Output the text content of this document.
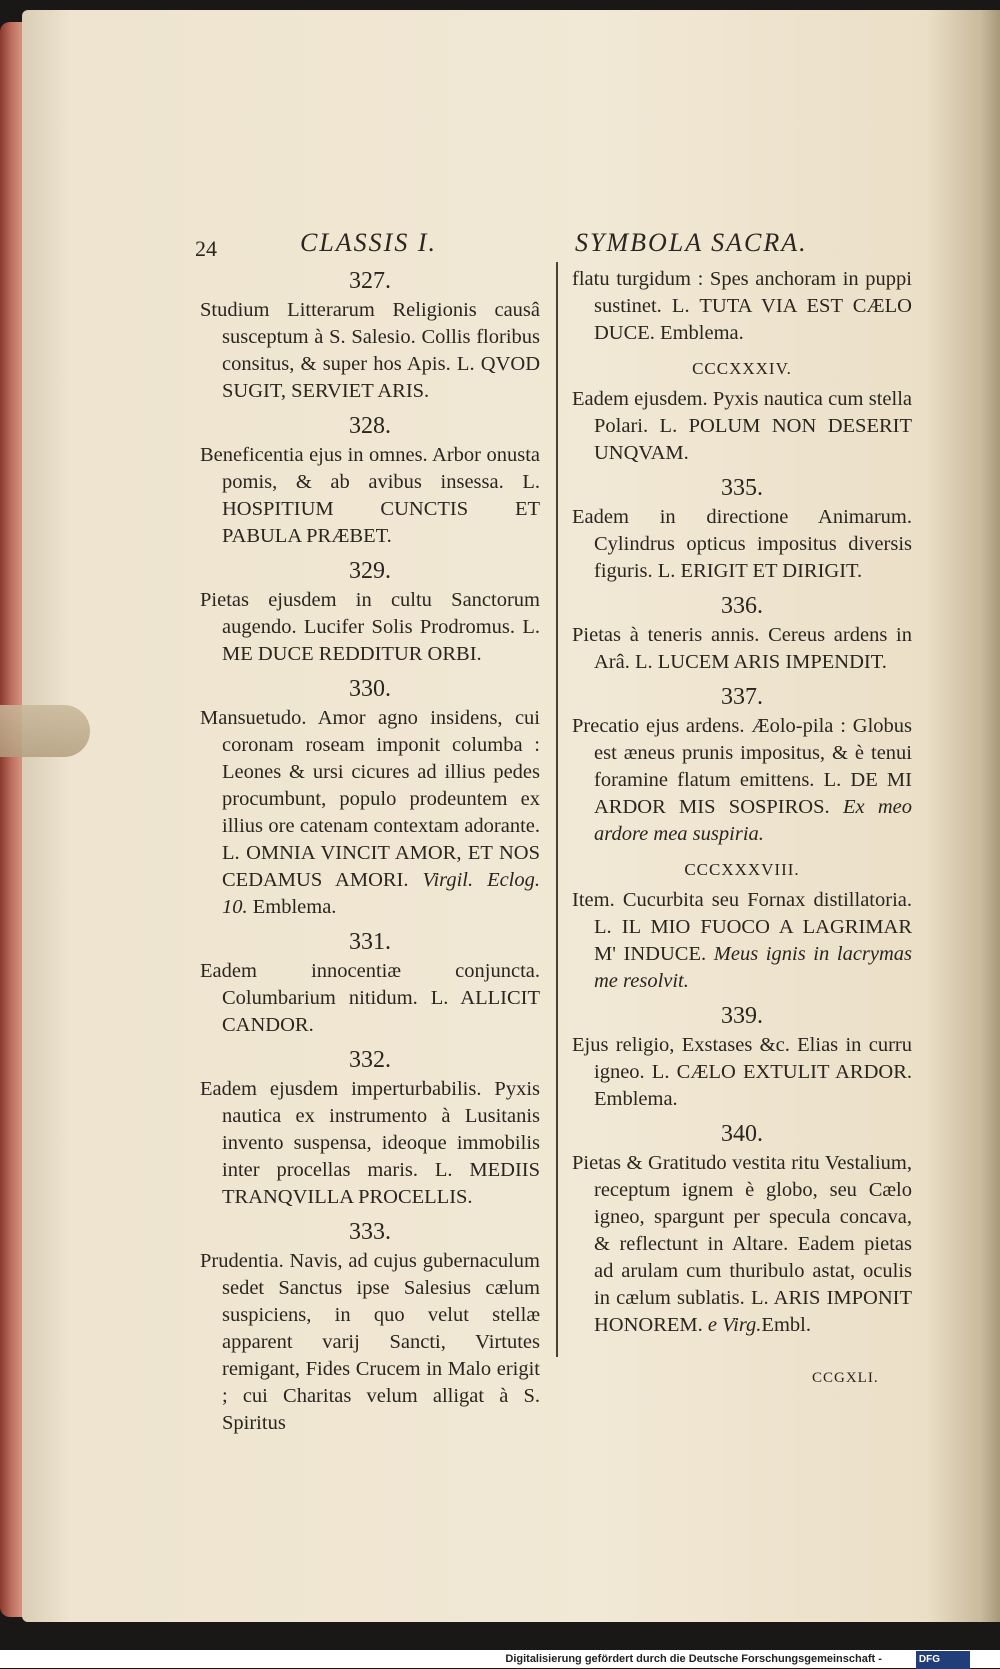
24	CLASSIS I.	SYMBOLA SACRA.
327.
Studium Litterarum Religionis causâ susceptum à S. Salesio. Collis floribus consitus, & super hos Apis. L. QVOD SUGIT, SERVIET ARIS.
328.
Beneficentia ejus in omnes. Arbor onusta pomis, & ab avibus insessa. L. HOSPITIUM CUNCTIS ET PABULA PRÆBET.
329.
Pietas ejusdem in cultu Sanctorum augendo. Lucifer Solis Prodromus. L. ME DUCE REDDITUR ORBI.
330.
Mansuetudo. Amor agno insidens, cui coronam roseam imponit columba : Leones & ursi cicures ad illius pedes procumbunt, populo prodeuntem ex illius ore catenam contextam adorante. L. OMNIA VINCIT AMOR, ET NOS CEDAMUS AMORI. Virgil. Eclog. 10. Emblema.
331.
Eadem innocentiæ conjuncta. Columbarium nitidum. L. ALLICIT CANDOR.
332.
Eadem ejusdem imperturbabilis. Pyxis nautica ex instrumento à Lusitanis invento suspensa, ideoque immobilis inter procellas maris. L. MEDIIS TRANQVILLA PROCELLIS.
333.
Prudentia. Navis, ad cujus gubernaculum sedet Sanctus ipse Salesius cælum suspiciens, in quo velut stellæ apparent varij Sancti, Virtutes remigant, Fides Crucem in Malo erigit ; cui Charitas velum alligat à S. Spiritus
flatu turgidum : Spes anchoram in puppi sustinet. L. TUTA VIA EST CÆLO DUCE. Emblema.
CCCXXXIV.
Eadem ejusdem. Pyxis nautica cum stella Polari. L. POLUM NON DESERIT UNQVAM.
335.
Eadem in directione Animarum. Cylindrus opticus impositus diversis figuris. L. ERIGIT ET DIRIGIT.
336.
Pietas à teneris annis. Cereus ardens in Arâ. L. LUCEM ARIS IMPENDIT.
337.
Precatio ejus ardens. Æolo-pila : Globus est æneus prunis impositus, & è tenui foramine flatum emittens. L. DE MI ARDOR MIS SOSPIROS. Ex meo ardore mea suspiria.
CCCXXXVIII.
Item. Cucurbita seu Fornax distillatoria. L. IL MIO FUOCO A LAGRIMAR M' INDUCE. Meus ignis in lacrymas me resolvit.
339.
Ejus religio, Exstases &c. Elias in curru igneo. L. CÆLO EXTULIT ARDOR. Emblema.
340.
Pietas & Gratitudo vestita ritu Vestalium, receptum ignem è globo, seu Cælo igneo, spargunt per specula concava, & reflectunt in Altare. Eadem pietas ad arulam cum thuribulo astat, oculis in cælum sublatis. L. ARIS IMPONIT HONOREM. e Virg.Embl.
CCGXLI.
Digitalisierung gefördert durch die Deutsche Forschungsgemeinschaft -	DFG
